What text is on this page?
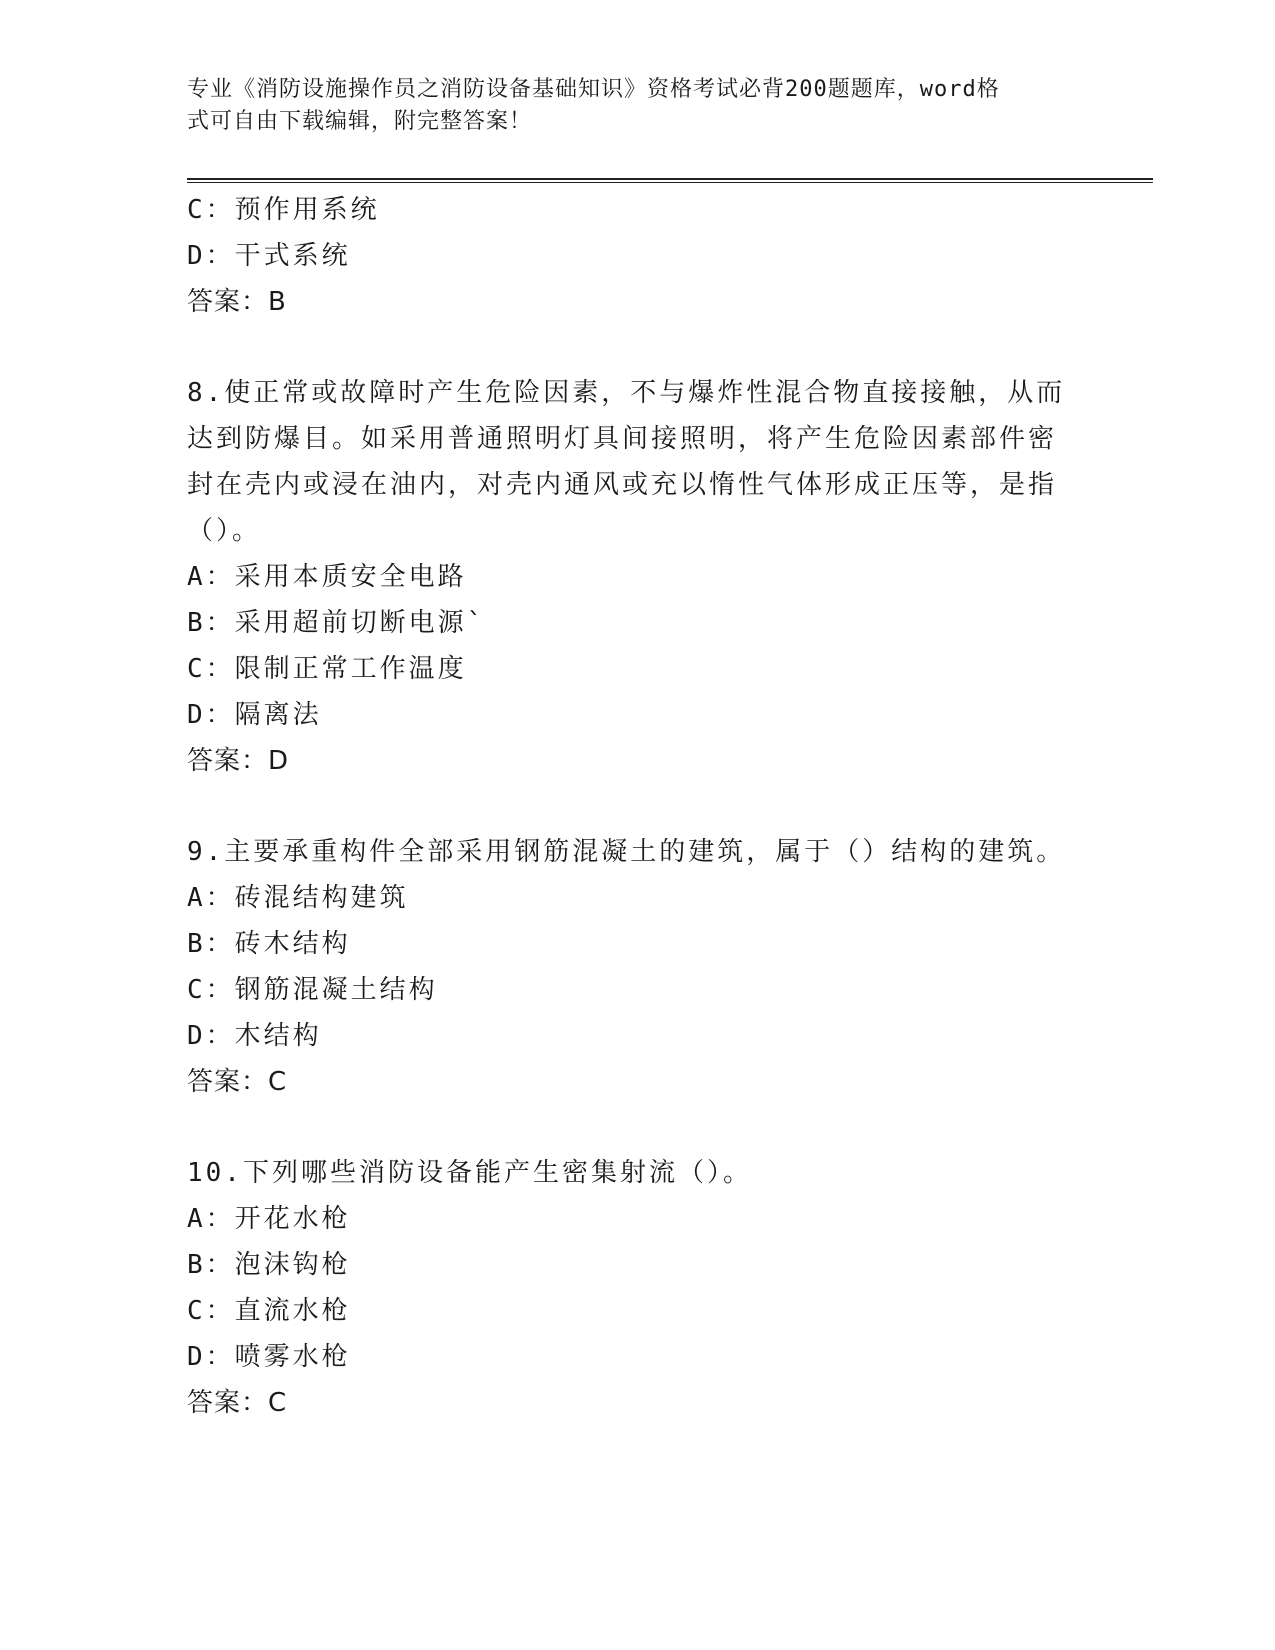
专业《消防设施操作员之消防设备基础知识》资格考试必背200题题库，word格
式可自由下载编辑，附完整答案！
C：预作用系统
D：干式系统
答案：B
8.使正常或故障时产生危险因素，不与爆炸性混合物直接接触，从而
达到防爆目。如采用普通照明灯具间接照明，将产生危险因素部件密
封在壳内或浸在油内，对壳内通风或充以惰性气体形成正压等，是指
（）。
A：采用本质安全电路
B：采用超前切断电源`
C：限制正常工作温度
D：隔离法
答案：D
9.主要承重构件全部采用钢筋混凝土的建筑，属于（）结构的建筑。
A：砖混结构建筑
B：砖木结构
C：钢筋混凝土结构
D：木结构
答案：C
10.下列哪些消防设备能产生密集射流（）。
A：开花水枪
B：泡沫钩枪
C：直流水枪
D：喷雾水枪
答案：C
